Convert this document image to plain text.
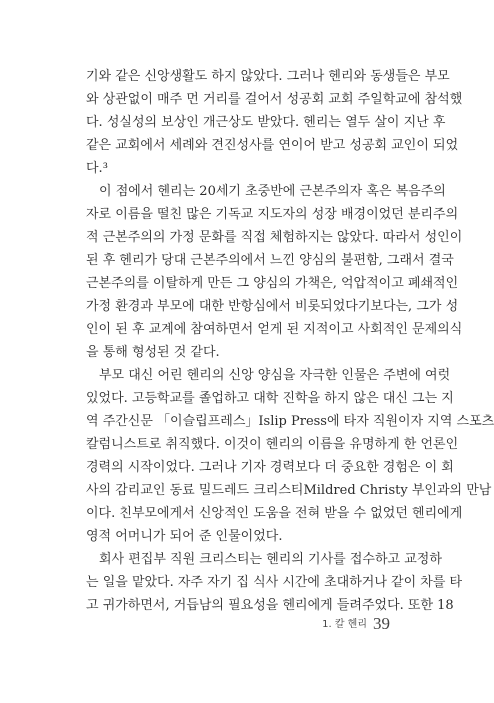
기와 같은 신앙생활도 하지 않았다. 그러나 헨리와 동생들은 부모
와 상관없이 매주 먼 거리를 걸어서 성공회 교회 주일학교에 참석했
다. 성실성의 보상인 개근상도 받았다. 헨리는 열두 살이 지난 후
같은 교회에서 세례와 견진성사를 연이어 받고 성공회 교인이 되었
다.³
이 점에서 헨리는 20세기 초중반에 근본주의자 혹은 복음주의
자로 이름을 떨친 많은 기독교 지도자의 성장 배경이었던 분리주의
적 근본주의의 가정 문화를 직접 체험하지는 않았다. 따라서 성인이
된 후 헨리가 당대 근본주의에서 느낀 양심의 불편함, 그래서 결국
근본주의를 이탈하게 만든 그 양심의 가책은, 억압적이고 폐쇄적인
가정 환경과 부모에 대한 반항심에서 비롯되었다기보다는, 그가 성
인이 된 후 교계에 참여하면서 얻게 된 지적이고 사회적인 문제의식
을 통해 형성된 것 같다.
부모 대신 어린 헨리의 신앙 양심을 자극한 인물은 주변에 여럿
있었다. 고등학교를 졸업하고 대학 진학을 하지 않은 대신 그는 지
역 주간신문 「이슬립프레스」Islip Press에 타자 직원이자 지역 스포츠
칼럼니스트로 취직했다. 이것이 헨리의 이름을 유명하게 한 언론인
경력의 시작이었다. 그러나 기자 경력보다 더 중요한 경험은 이 회
사의 감리교인 동료 밀드레드 크리스티Mildred Christy 부인과의 만남
이다. 친부모에게서 신앙적인 도움을 전혀 받을 수 없었던 헨리에게
영적 어머니가 되어 준 인물이었다.
회사 편집부 직원 크리스티는 헨리의 기사를 접수하고 교정하
는 일을 맡았다. 자주 자기 집 식사 시간에 초대하거나 같이 차를 타
고 귀가하면서, 거듭남의 필요성을 헨리에게 들려주었다. 또한 18
1. 칼 헨리 39
